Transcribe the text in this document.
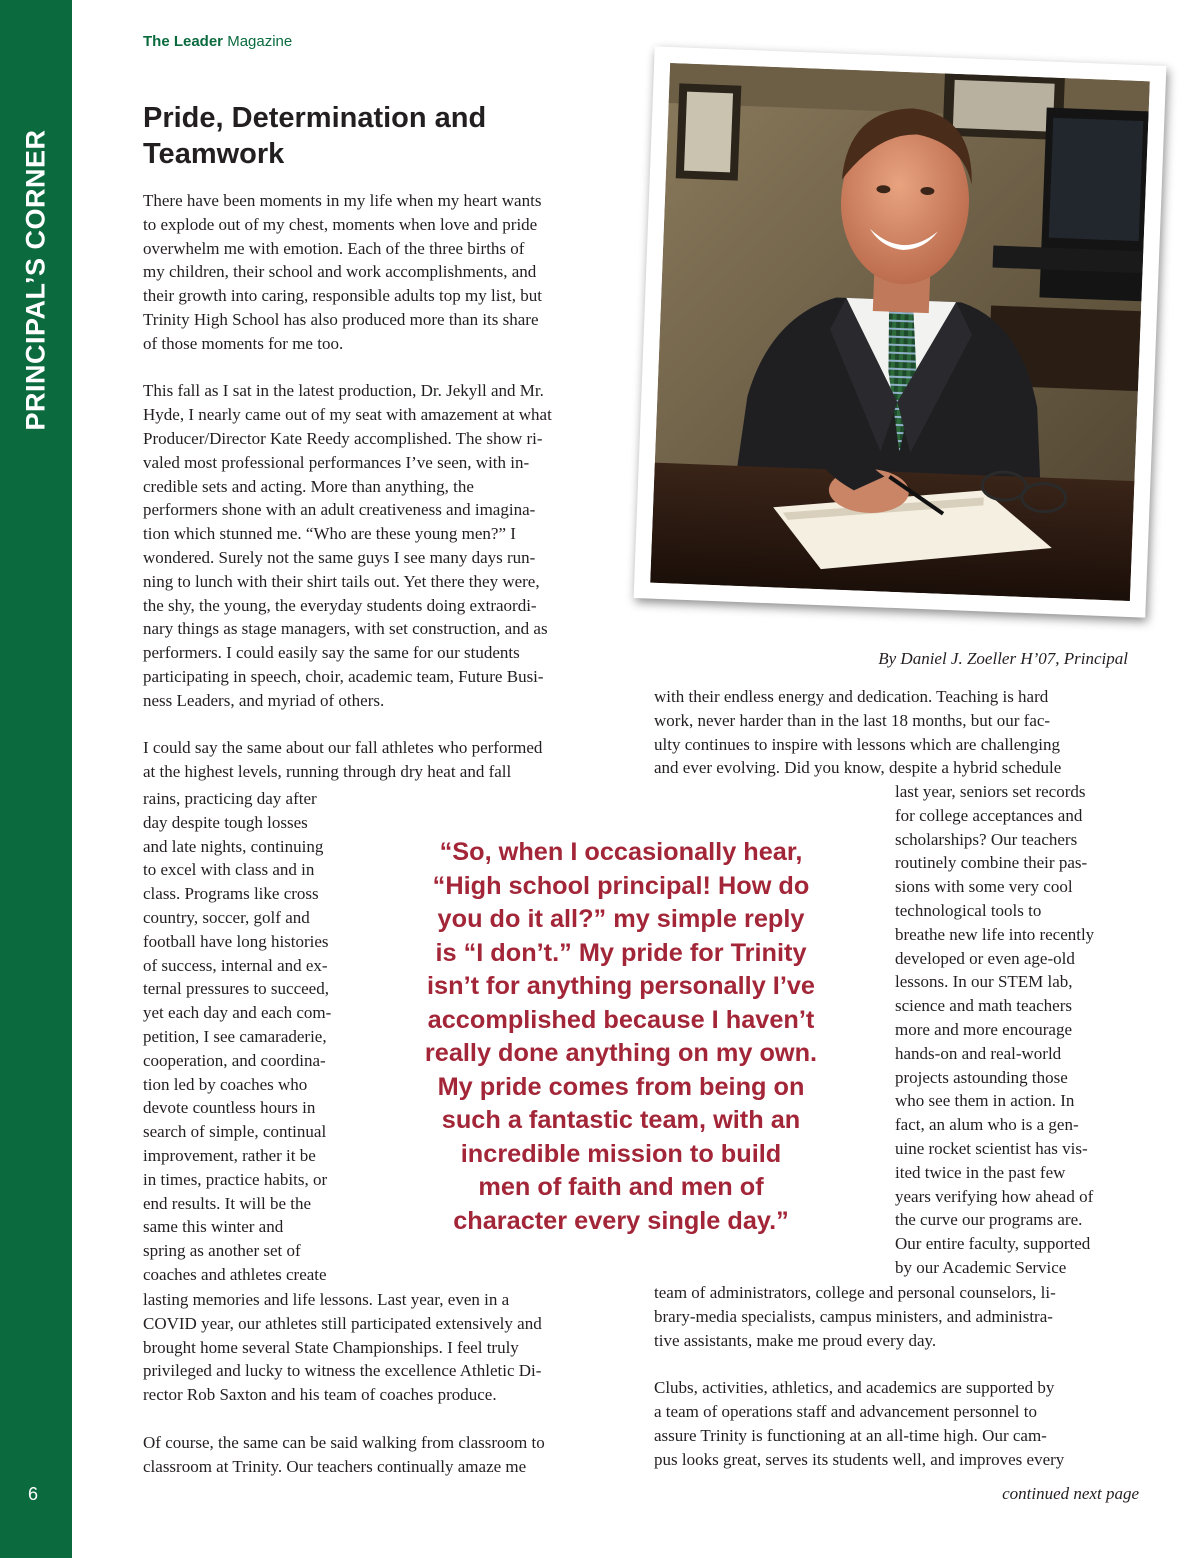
PRINCIPAL’S CORNER
6
The Leader Magazine
Pride, Determination and
Teamwork
There have been moments in my life when my heart wants
to explode out of my chest, moments when love and pride
overwhelm me with emotion. Each of the three births of
my children, their school and work accomplishments, and
their growth into caring, responsible adults top my list, but
Trinity High School has also produced more than its share
of those moments for me too.
This fall as I sat in the latest production, Dr. Jekyll and Mr.
Hyde, I nearly came out of my seat with amazement at what
Producer/Director Kate Reedy accomplished. The show ri-
valed most professional performances I’ve seen, with in-
credible sets and acting. More than anything, the
performers shone with an adult creativeness and imagina-
tion which stunned me. “Who are these young men?” I
wondered. Surely not the same guys I see many days run-
ning to lunch with their shirt tails out. Yet there they were,
the shy, the young, the everyday students doing extraordi-
nary things as stage managers, with set construction, and as
performers. I could easily say the same for our students
participating in speech, choir, academic team, Future Busi-
ness Leaders, and myriad of others.
I could say the same about our fall athletes who performed
at the highest levels, running through dry heat and fall
rains, practicing day after
day despite tough losses
and late nights, continuing
to excel with class and in
class. Programs like cross
country, soccer, golf and
football have long histories
of success, internal and ex-
ternal pressures to succeed,
yet each day and each com-
petition, I see camaraderie,
cooperation, and coordina-
tion led by coaches who
devote countless hours in
search of simple, continual
improvement, rather it be
in times, practice habits, or
end results. It will be the
same this winter and
spring as another set of
coaches and athletes create
lasting memories and life lessons. Last year, even in a
COVID year, our athletes still participated extensively and
brought home several State Championships. I feel truly
privileged and lucky to witness the excellence Athletic Di-
rector Rob Saxton and his team of coaches produce.
Of course, the same can be said walking from classroom to
classroom at Trinity. Our teachers continually amaze me
By Daniel J. Zoeller H’07, Principal
with their endless energy and dedication. Teaching is hard
work, never harder than in the last 18 months, but our fac-
ulty continues to inspire with lessons which are challenging
and ever evolving. Did you know, despite a hybrid schedule
last year, seniors set records
for college acceptances and
scholarships? Our teachers
routinely combine their pas-
sions with some very cool
technological tools to
breathe new life into recently
developed or even age-old
lessons. In our STEM lab,
science and math teachers
more and more encourage
hands-on and real-world
projects astounding those
who see them in action. In
fact, an alum who is a gen-
uine rocket scientist has vis-
ited twice in the past few
years verifying how ahead of
the curve our programs are.
Our entire faculty, supported
by our Academic Service
team of administrators, college and personal counselors, li-
brary-media specialists, campus ministers, and administra-
tive assistants, make me proud every day.
Clubs, activities, athletics, and academics are supported by
a team of operations staff and advancement personnel to
assure Trinity is functioning at an all-time high. Our cam-
pus looks great, serves its students well, and improves every
“So, when I occasionally hear,
“High school principal! How do
you do it all?” my simple reply
is “I don’t.” My pride for Trinity
isn’t for anything personally I’ve
accomplished because I haven’t
really done anything on my own.
My pride comes from being on
such a fantastic team, with an
incredible mission to build
men of faith and men of
character every single day.”
continued next page
